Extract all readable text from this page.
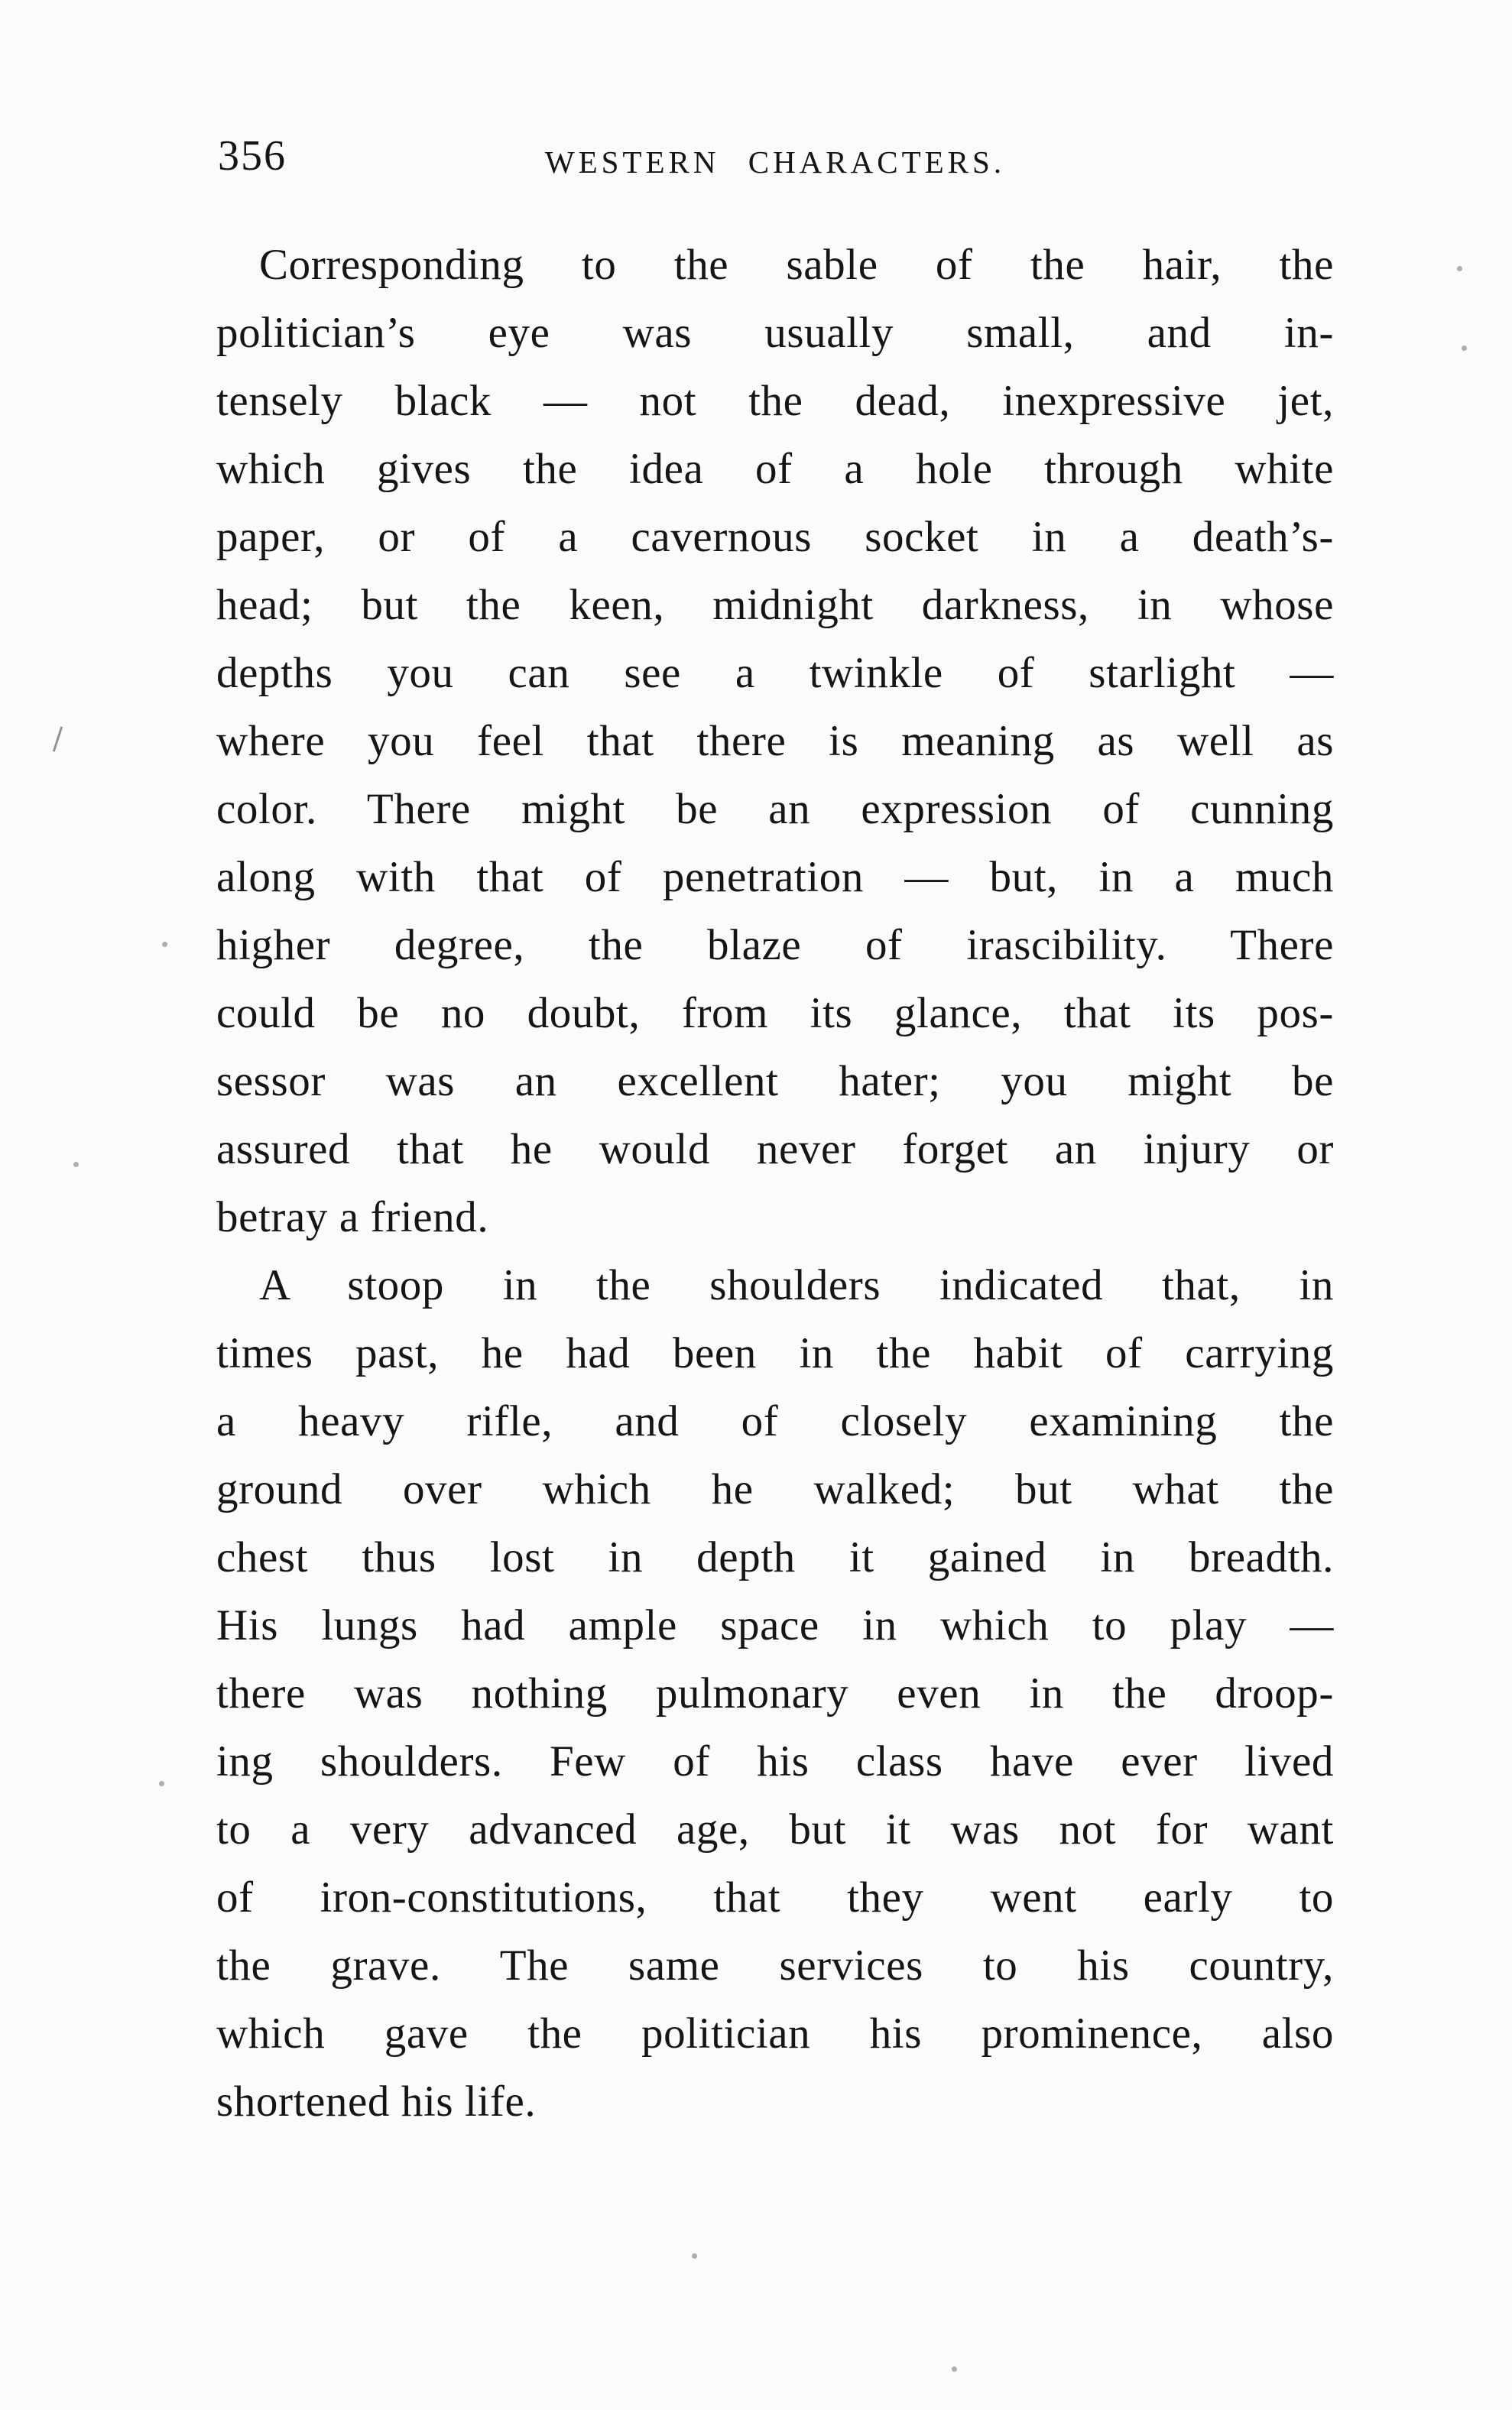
356	WESTERN CHARACTERS.
Corresponding to the sable of the hair, the
politician’s eye was usually small, and in-
tensely black — not the dead, inexpressive jet,
which gives the idea of a hole through white
paper, or of a cavernous socket in a death’s-
head; but the keen, midnight darkness, in whose
depths you can see a twinkle of starlight —
where you feel that there is meaning as well as
color. There might be an expression of cunning
along with that of penetration — but, in a much
higher degree, the blaze of irascibility. There
could be no doubt, from its glance, that its pos-
sessor was an excellent hater; you might be
assured that he would never forget an injury or
betray a friend.
A stoop in the shoulders indicated that, in
times past, he had been in the habit of carrying
a heavy rifle, and of closely examining the
ground over which he walked; but what the
chest thus lost in depth it gained in breadth.
His lungs had ample space in which to play —
there was nothing pulmonary even in the droop-
ing shoulders. Few of his class have ever lived
to a very advanced age, but it was not for want
of iron-constitutions, that they went early to
the grave. The same services to his country,
which gave the politician his prominence, also
shortened his life.
